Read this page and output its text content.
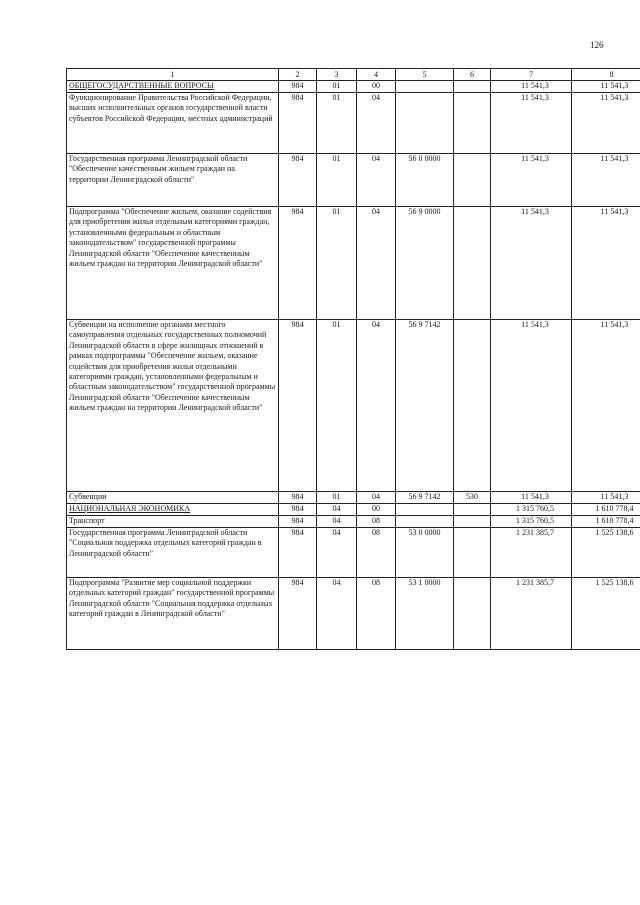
126
1	2	3	4	5	6	7	8
ОБЩЕГОСУДАРСТВЕННЫЕ ВОПРОСЫ	984	01	00			11 541,3	11 541,3
Функционирование Правительства Российской Федерации, высших исполнительных органов государственной власти субъектов Российской Федерации, местных администраций	984	01	04			11 541,3	11 541,3
Государственная программа Ленинградской области "Обеспечение качественным жильем граждан на территории Ленинградской области"	984	01	04	56 0 0000		11 541,3	11 541,3
Подпрограмма "Обеспечение жильем, оказание содействия для приобретения жилья отдельным категориями граждан, установленными федеральным и областным законодательством" государственной программы Ленинградской области "Обеспечение качественным жильем граждан на территории Ленинградской области"	984	01	04	56 9 0000		11 541,3	11 541,3
Субвенции на исполнение органами местного самоуправления отдельных государственных полномочий Ленинградской области в сфере жилищных отношений в рамках подпрограммы "Обеспечение жильем, оказание содействия для приобретения жилья отдельными категориями граждан, установленными федеральным и областным законодательством" государственной программы Ленинградской области "Обеспечение качественным жильем граждан на территории Ленинградской области"	984	01	04	56 9 7142		11 541,3	11 541,3
Субвенции	984	01	04	56 9 7142	530	11 541,3	11 541,3
НАЦИОНАЛЬНАЯ ЭКОНОМИКА	984	04	00			1 315 760,5	1 610 778,4
Транспорт	984	04	08			1 315 760,5	1 610 778,4
Государственная программа Ленинградской области "Социальная поддержка отдельных категорий граждан в Ленинградской области"	984	04	08	53 0 0000		1 231 385,7	1 525 138,6
Подпрограмма "Развитие мер социальной поддержки отдельных категорий граждан" государственной программы Ленинградской области "Социальная поддержка отдельных категорий граждан в Ленинградской области"	984	04	08	53 1 0000		1 231 385,7	1 525 138,6
